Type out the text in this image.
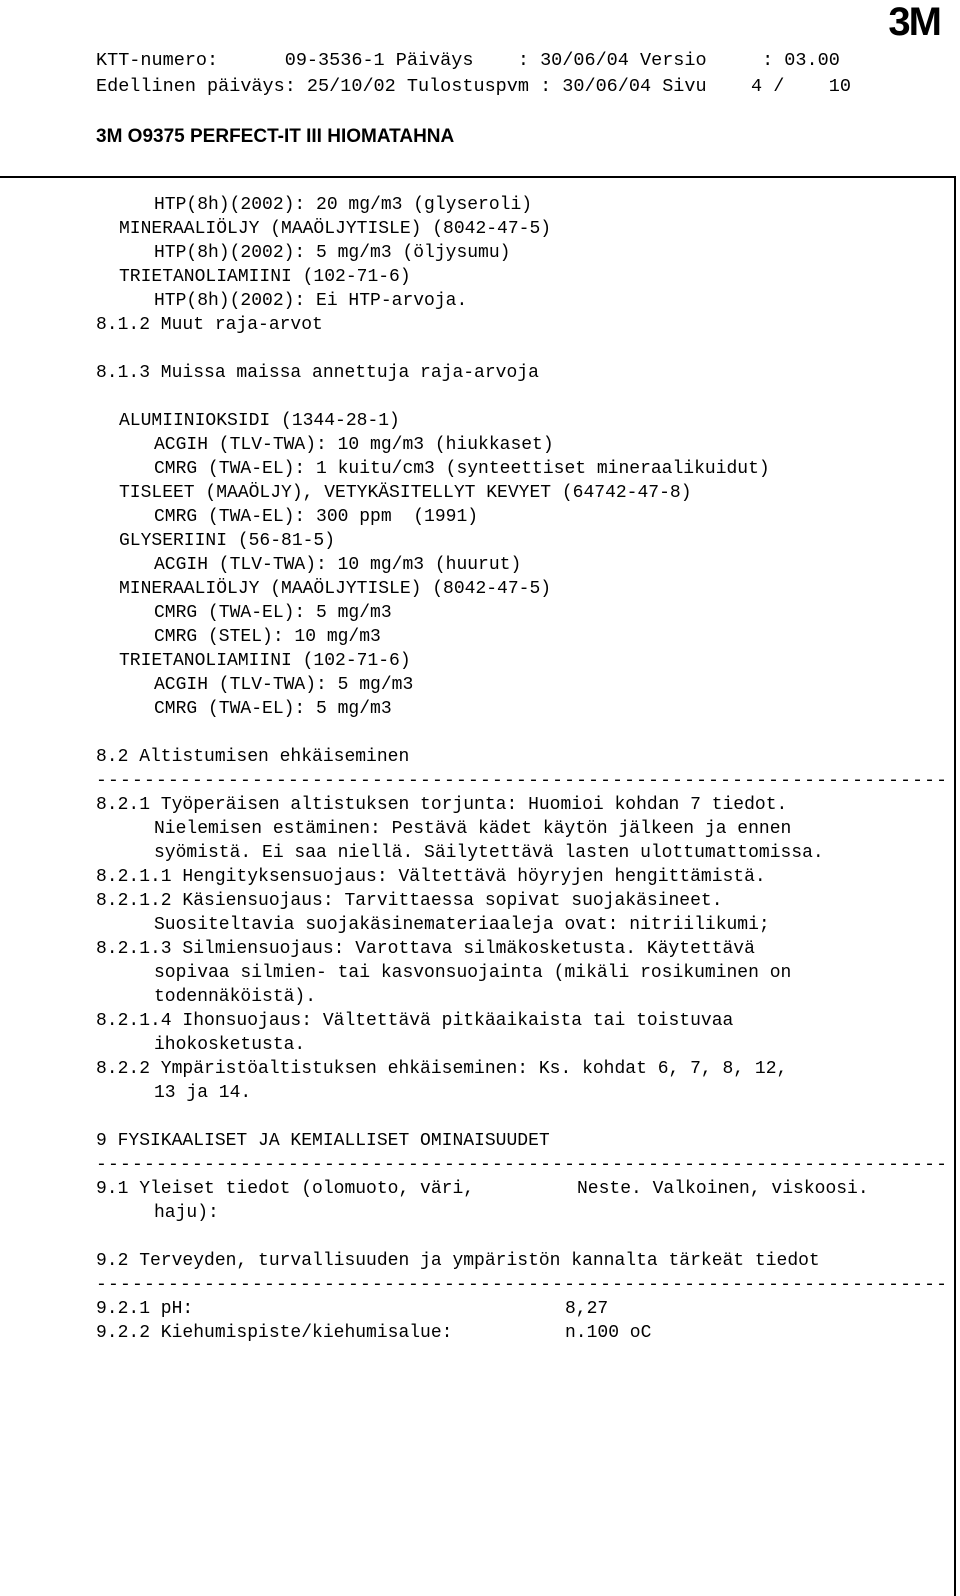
3M
KTT-numero:      09-3536-1 Päiväys    : 30/06/04 Versio     : 03.00
Edellinen päiväys: 25/10/02 Tulostuspvm : 30/06/04 Sivu    4 /    10
3M O9375 PERFECT-IT III HIOMATAHNA
HTP(8h)(2002): 20 mg/m3 (glyseroli)
MINERAALIÖLJY (MAAÖLJYTISLE) (8042-47-5)
HTP(8h)(2002): 5 mg/m3 (öljysumu)
TRIETANOLIAMIINI (102-71-6)
HTP(8h)(2002): Ei HTP-arvoja.
8.1.2 Muut raja-arvot
8.1.3 Muissa maissa annettuja raja-arvoja
ALUMIINIOKSIDI (1344-28-1)
ACGIH (TLV-TWA): 10 mg/m3 (hiukkaset)
CMRG (TWA-EL): 1 kuitu/cm3 (synteettiset mineraalikuidut)
TISLEET (MAAÖLJY), VETYKÄSITELLYT KEVYET (64742-47-8)
CMRG (TWA-EL): 300 ppm  (1991)
GLYSERIINI (56-81-5)
ACGIH (TLV-TWA): 10 mg/m3 (huurut)
MINERAALIÖLJY (MAAÖLJYTISLE) (8042-47-5)
CMRG (TWA-EL): 5 mg/m3
CMRG (STEL): 10 mg/m3
TRIETANOLIAMIINI (102-71-6)
ACGIH (TLV-TWA): 5 mg/m3
CMRG (TWA-EL): 5 mg/m3
8.2 Altistumisen ehkäiseminen
8.2.1 Työperäisen altistuksen torjunta: Huomioi kohdan 7 tiedot.
Nielemisen estäminen: Pestävä kädet käytön jälkeen ja ennen
syömistä. Ei saa niellä. Säilytettävä lasten ulottumattomissa.
8.2.1.1 Hengityksensuojaus: Vältettävä höyryjen hengittämistä.
8.2.1.2 Käsiensuojaus: Tarvittaessa sopivat suojakäsineet.
Suositeltavia suojakäsinemateriaaleja ovat: nitriilikumi;
8.2.1.3 Silmiensuojaus: Varottava silmäkosketusta. Käytettävä
sopivaa silmien- tai kasvonsuojainta (mikäli rosikuminen on
todennäköistä).
8.2.1.4 Ihonsuojaus: Vältettävä pitkäaikaista tai toistuvaa
ihokosketusta.
8.2.2 Ympäristöaltistuksen ehkäiseminen: Ks. kohdat 6, 7, 8, 12,
13 ja 14.
9 FYSIKAALISET JA KEMIALLISET OMINAISUUDET
9.1 Yleiset tiedot (olomuoto, väri,	Neste. Valkoinen, viskoosi.
haju):
9.2 Terveyden, turvallisuuden ja ympäristön kannalta tärkeät tiedot
9.2.1 pH:	8,27
9.2.2 Kiehumispiste/kiehumisalue:	n.100 oC
-----------------------------------------------------------------------
-----------------------------------------------------------------------
-----------------------------------------------------------------------
